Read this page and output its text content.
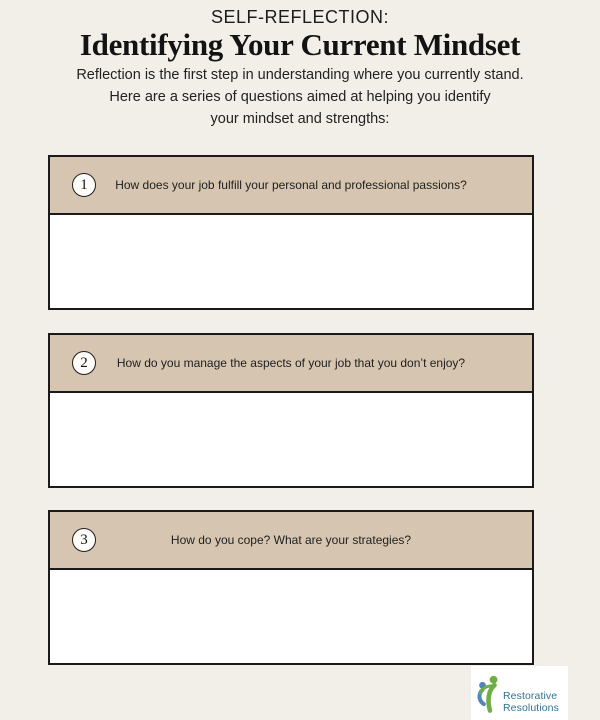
SELF-REFLECTION:
Identifying Your Current Mindset
Reflection is the first step in understanding where you currently stand.
Here are a series of questions aimed at helping you identify
your mindset and strengths:
1	How does your job fulfill your personal and professional passions?
2	How do you manage the aspects of your job that you don’t enjoy?
3	How do you cope? What are your strategies?
Restorative
Resolutions
